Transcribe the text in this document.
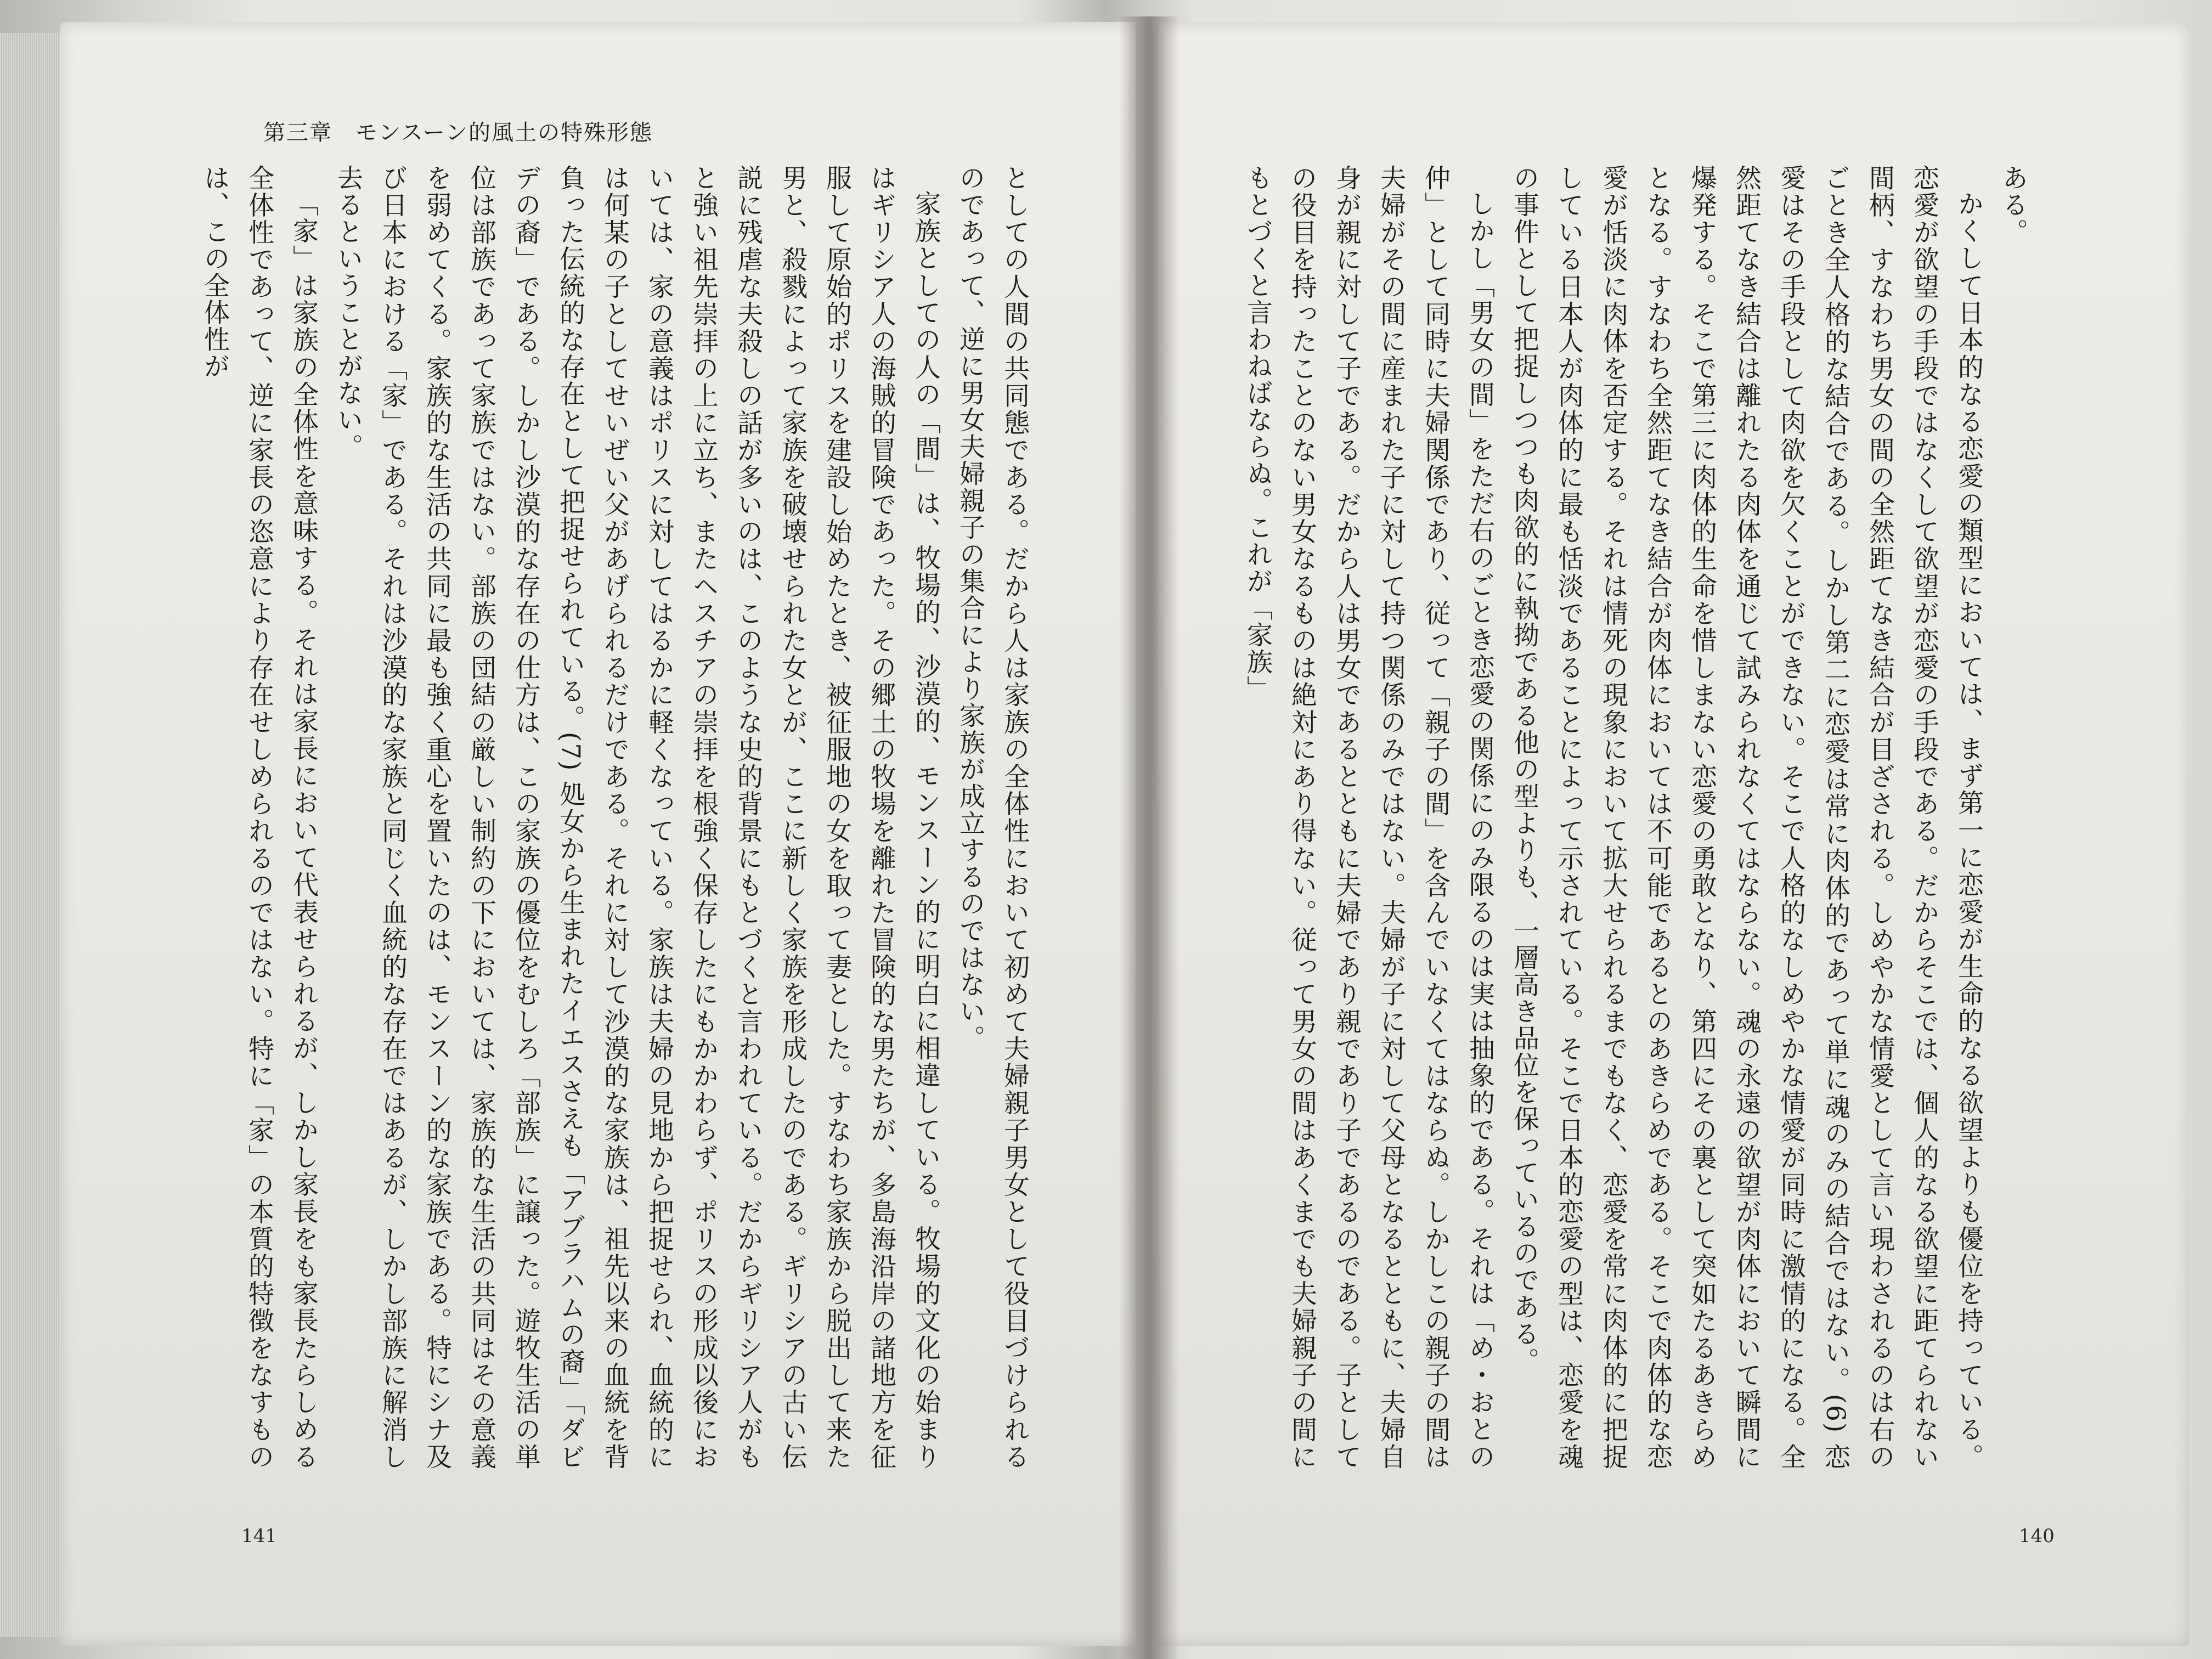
第三章　モンスーン的風土の特殊形態

としての人間の共同態である。だから人は家族の全体性において初めて夫婦親子男女として役目づけられるのであって、逆に男女夫婦親子の集合により家族が成立するのではない。

家族としての人の「間」は、牧場的、沙漠的、モンスーン的に明白に相違している。牧場的文化の始まりはギリシア人の海賊的冒険であった。その郷土の牧場を離れた冒険的な男たちが、多島海沿岸の諸地方を征服して原始的ポリスを建設し始めたとき、被征服地の女を取って妻とした。すなわち家族から脱出して来た男と、殺戮によって家族を破壊せられた女とが、ここに新しく家族を形成したのである。ギリシアの古い伝説に残虐な夫殺しの話が多いのは、このような史的背景にもとづくと言われている。だからギリシア人がもと強い祖先崇拝の上に立ち、またヘスチアの崇拝を根強く保存したにもかかわらず、ポリスの形成以後においては、家の意義はポリスに対してはるかに軽くなっている。家族は夫婦の見地から把捉せられ、血統的には何某の子としてせいぜい父があげられるだけである。それに対して沙漠的な家族は、祖先以来の血統を背負った伝統的な存在として把捉せられている。(7) 処女から生まれたイエスさえも「アブラハムの裔」「ダビデの裔」である。しかし沙漠的な存在の仕方は、この家族の優位をむしろ「部族」に譲った。遊牧生活の単位は部族であって家族ではない。部族の団結の厳しい制約の下においては、家族的な生活の共同はその意義を弱めてくる。家族的な生活の共同に最も強く重心を置いたのは、モンスーン的な家族である。特にシナ及び日本における「家」である。それは沙漠的な家族と同じく血統的な存在ではあるが、しかし部族に解消し去るということがない。

「家」は家族の全体性を意味する。それは家長において代表せられるが、しかし家長をも家長たらしめる全体性であって、逆に家長の恣意により存在せしめられるのではない。特に「家」の本質的特徴をなすものは、この全体性が	ある。

かくして日本的なる恋愛の類型においては、まず第一に恋愛が生命的なる欲望よりも優位を持っている。恋愛が欲望の手段ではなくして欲望が恋愛の手段である。だからそこでは、個人的なる欲望に距てられない間柄、すなわち男女の間の全然距てなき結合が目ざされる。しめやかな情愛として言い現わされるのは右のごとき全人格的な結合である。しかし第二に恋愛は常に肉体的であって単に魂のみの結合ではない。(6) 恋愛はその手段として肉欲を欠くことができない。そこで人格的なしめやかな情愛が同時に激情的になる。全然距てなき結合は離れたる肉体を通じて試みられなくてはならない。魂の永遠の欲望が肉体において瞬間に爆発する。そこで第三に肉体的生命を惜しまない恋愛の勇敢となり、第四にその裏として突如たるあきらめとなる。すなわち全然距てなき結合が肉体においては不可能であるとのあきらめである。そこで肉体的な恋愛が恬淡に肉体を否定する。それは情死の現象において拡大せられるまでもなく、恋愛を常に肉体的に把捉している日本人が肉体的に最も恬淡であることによって示されている。そこで日本的恋愛の型は、恋愛を魂の事件として把捉しつつも肉欲的に執拗である他の型よりも、一層高き品位を保っているのである。

しかし「男女の間」をただ右のごとき恋愛の関係にのみ限るのは実は抽象的である。それは「め・おとの仲」として同時に夫婦関係であり、従って「親子の間」を含んでいなくてはならぬ。しかしこの親子の間は夫婦がその間に産まれた子に対して持つ関係のみではない。夫婦が子に対して父母となるとともに、夫婦自身が親に対して子である。だから人は男女であるとともに夫婦であり親であり子であるのである。子としての役目を持ったことのない男女なるものは絶対にあり得ない。従って男女の間はあくまでも夫婦親子の間にもとづくと言わねばならぬ。これが「家族」

141	140
